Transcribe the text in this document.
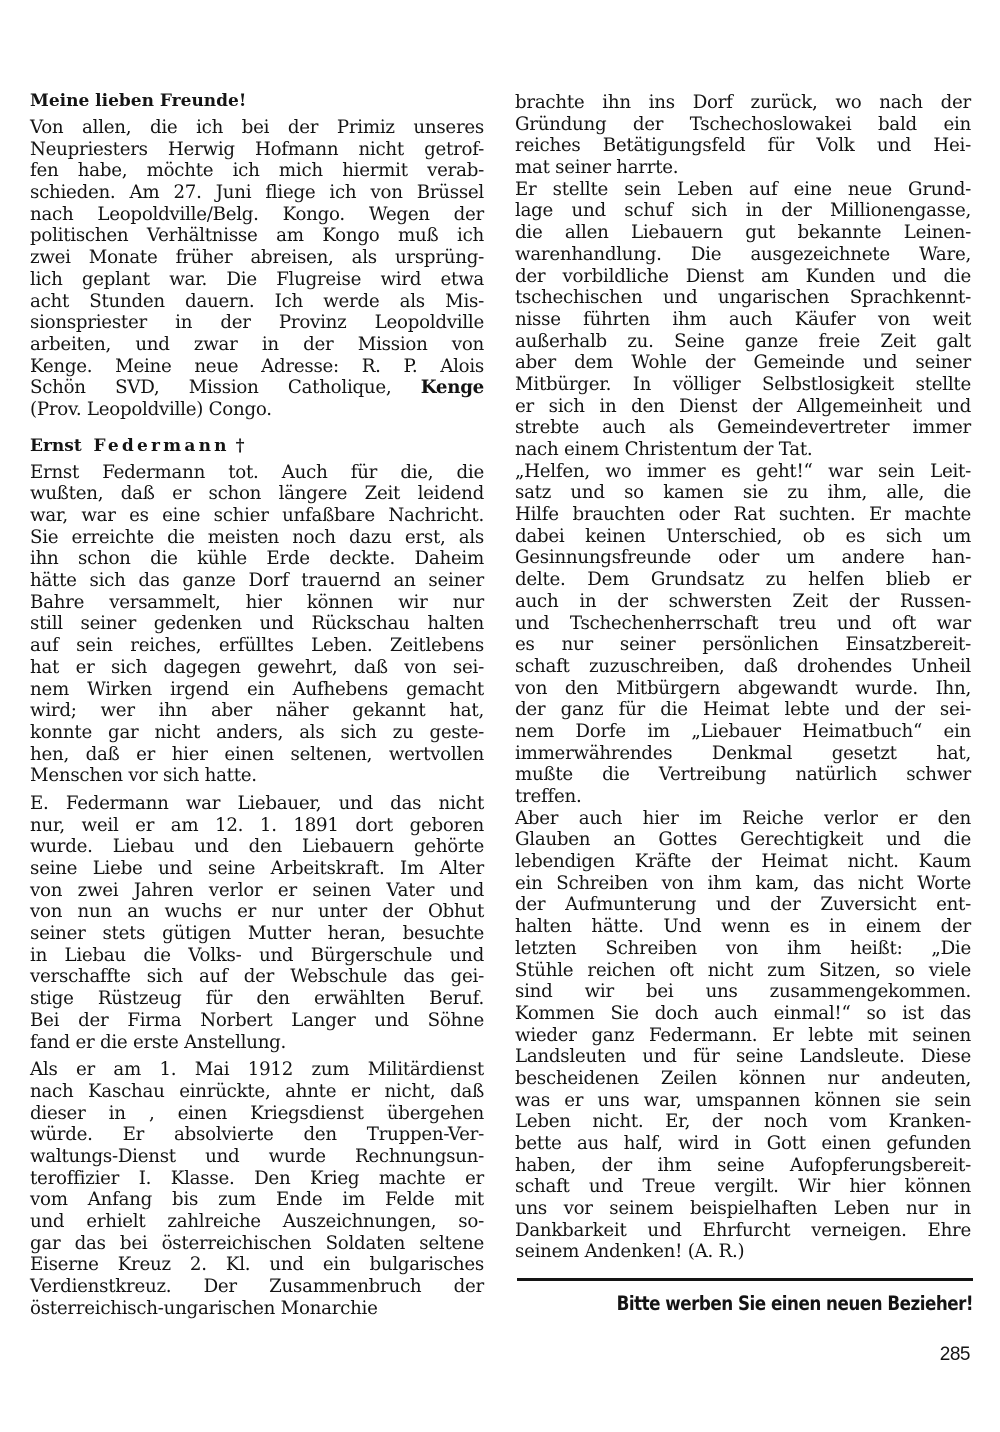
Meine lieben Freunde!
Von allen, die ich bei der Primiz unseres
Neupriesters Herwig Hofmann nicht getrof-
fen habe, möchte ich mich hiermit verab-
schieden. Am 27. Juni fliege ich von Brüssel
nach Leopoldville/Belg. Kongo. Wegen der
politischen Verhältnisse am Kongo muß ich
zwei Monate früher abreisen, als ursprüng-
lich geplant war. Die Flugreise wird etwa
acht Stunden dauern. Ich werde als Mis-
sionspriester in der Provinz Leopoldville
arbeiten, und zwar in der Mission von
Kenge. Meine neue Adresse: R. P. Alois
Schön SVD, Mission Catholique, Kenge
(Prov. Leopoldville) Congo.
Ernst Federmann †
Ernst Federmann tot. Auch für die, die
wußten, daß er schon längere Zeit leidend
war, war es eine schier unfaßbare Nachricht.
Sie erreichte die meisten noch dazu erst, als
ihn schon die kühle Erde deckte. Daheim
hätte sich das ganze Dorf trauernd an seiner
Bahre versammelt, hier können wir nur
still seiner gedenken und Rückschau halten
auf sein reiches, erfülltes Leben. Zeitlebens
hat er sich dagegen gewehrt, daß von sei-
nem Wirken irgend ein Aufhebens gemacht
wird; wer ihn aber näher gekannt hat,
konnte gar nicht anders, als sich zu geste-
hen, daß er hier einen seltenen, wertvollen
Menschen vor sich hatte.
E. Federmann war Liebauer, und das nicht
nur, weil er am 12. 1. 1891 dort geboren
wurde. Liebau und den Liebauern gehörte
seine Liebe und seine Arbeitskraft. Im Alter
von zwei Jahren verlor er seinen Vater und
von nun an wuchs er nur unter der Obhut
seiner stets gütigen Mutter heran, besuchte
in Liebau die Volks- und Bürgerschule und
verschaffte sich auf der Webschule das gei-
stige Rüstzeug für den erwählten Beruf.
Bei der Firma Norbert Langer und Söhne
fand er die erste Anstellung.
Als er am 1. Mai 1912 zum Militärdienst
nach Kaschau einrückte, ahnte er nicht, daß
dieser in ‚ einen Kriegsdienst übergehen
würde. Er absolvierte den Truppen-Ver-
waltungs-Dienst und wurde Rechnungsun-
teroffizier I. Klasse. Den Krieg machte er
vom Anfang bis zum Ende im Felde mit
und erhielt zahlreiche Auszeichnungen, so-
gar das bei österreichischen Soldaten seltene
Eiserne Kreuz 2. Kl. und ein bulgarisches
Verdienstkreuz. Der Zusammenbruch der
österreichisch-ungarischen Monarchie
brachte ihn ins Dorf zurück, wo nach der
Gründung der Tschechoslowakei bald ein
reiches Betätigungsfeld für Volk und Hei-
mat seiner harrte.
Er stellte sein Leben auf eine neue Grund-
lage und schuf sich in der Millionengasse,
die allen Liebauern gut bekannte Leinen-
warenhandlung. Die ausgezeichnete Ware,
der vorbildliche Dienst am Kunden und die
tschechischen und ungarischen Sprachkennt-
nisse führten ihm auch Käufer von weit
außerhalb zu. Seine ganze freie Zeit galt
aber dem Wohle der Gemeinde und seiner
Mitbürger. In völliger Selbstlosigkeit stellte
er sich in den Dienst der Allgemeinheit und
strebte auch als Gemeindevertreter immer
nach einem Christentum der Tat.
„Helfen, wo immer es geht!“ war sein Leit-
satz und so kamen sie zu ihm, alle, die
Hilfe brauchten oder Rat suchten. Er machte
dabei keinen Unterschied, ob es sich um
Gesinnungsfreunde oder um andere han-
delte. Dem Grundsatz zu helfen blieb er
auch in der schwersten Zeit der Russen-
und Tschechenherrschaft treu und oft war
es nur seiner persönlichen Einsatzbereit-
schaft zuzuschreiben, daß drohendes Unheil
von den Mitbürgern abgewandt wurde. Ihn,
der ganz für die Heimat lebte und der sei-
nem Dorfe im „Liebauer Heimatbuch“ ein
immerwährendes Denkmal gesetzt hat,
mußte die Vertreibung natürlich schwer
treffen.
Aber auch hier im Reiche verlor er den
Glauben an Gottes Gerechtigkeit und die
lebendigen Kräfte der Heimat nicht. Kaum
ein Schreiben von ihm kam, das nicht Worte
der Aufmunterung und der Zuversicht ent-
halten hätte. Und wenn es in einem der
letzten Schreiben von ihm heißt: „Die
Stühle reichen oft nicht zum Sitzen, so viele
sind wir bei uns zusammengekommen.
Kommen Sie doch auch einmal!“ so ist das
wieder ganz Federmann. Er lebte mit seinen
Landsleuten und für seine Landsleute. Diese
bescheidenen Zeilen können nur andeuten,
was er uns war, umspannen können sie sein
Leben nicht. Er, der noch vom Kranken-
bette aus half, wird in Gott einen gefunden
haben, der ihm seine Aufopferungsbereit-
schaft und Treue vergilt. Wir hier können
uns vor seinem beispielhaften Leben nur in
Dankbarkeit und Ehrfurcht verneigen. Ehre
seinem Andenken! (A. R.)
Bitte werben Sie einen neuen Bezieher!
285
